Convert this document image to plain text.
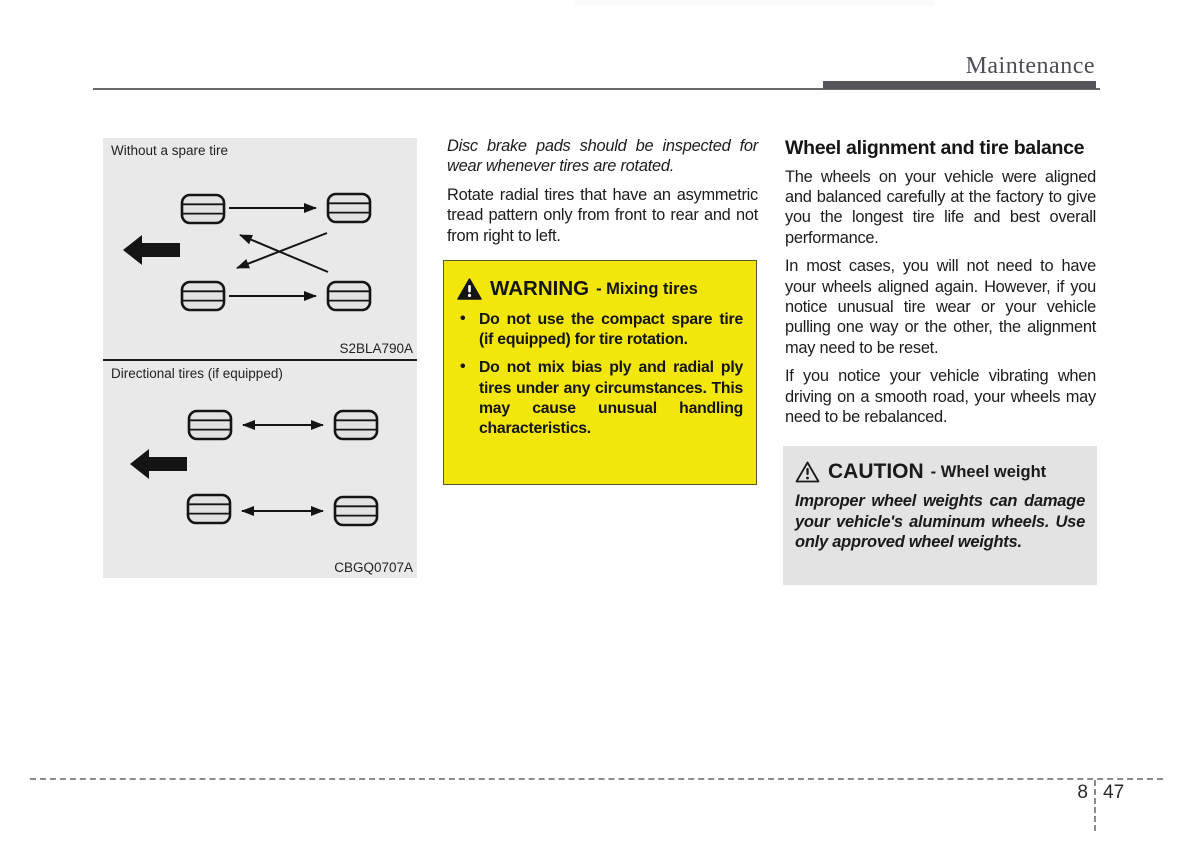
Maintenance
Without a spare tire
S2BLA790A
Directional tires (if equipped)
CBGQ0707A

Disc brake pads should be inspected for wear whenever tires are rotated.

Rotate radial tires that have an asymmetric tread pattern only from front to rear and not from right to left.

WARNING - Mixing tires
• Do not use the compact spare tire (if equipped) for tire rotation.
• Do not mix bias ply and radial ply tires under any circumstances. This may cause unusual handling characteristics.
Wheel alignment and tire balance

The wheels on your vehicle were aligned and balanced carefully at the factory to give you the longest tire life and best overall performance.

In most cases, you will not need to have your wheels aligned again. However, if you notice unusual tire wear or your vehicle pulling one way or the other, the alignment may need to be reset.

If you notice your vehicle vibrating when driving on a smooth road, your wheels may need to be rebalanced.

CAUTION - Wheel weight

Improper wheel weights can damage your vehicle's aluminum wheels. Use only approved wheel weights.

8 47
